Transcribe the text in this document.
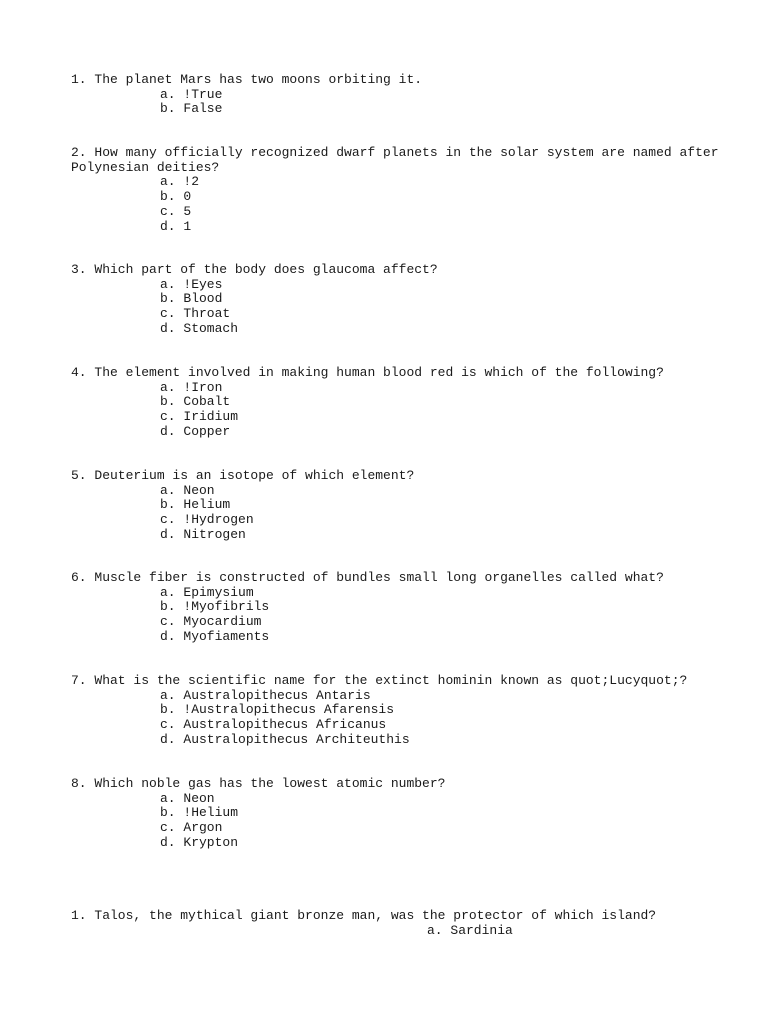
1. The planet Mars has two moons orbiting it.
a. !True
b. False
2. How many officially recognized dwarf planets in the solar system are named after
Polynesian deities?
a. !2
b. 0
c. 5
d. 1
3. Which part of the body does glaucoma affect?
a. !Eyes
b. Blood
c. Throat
d. Stomach
4. The element involved in making human blood red is which of the following?
a. !Iron
b. Cobalt
c. Iridium
d. Copper
5. Deuterium is an isotope of which element?
a. Neon
b. Helium
c. !Hydrogen
d. Nitrogen
6. Muscle fiber is constructed of bundles small long organelles called what?
a. Epimysium
b. !Myofibrils
c. Myocardium
d. Myofiaments
7. What is the scientific name for the extinct hominin known as quot;Lucyquot;?
a. Australopithecus Antaris
b. !Australopithecus Afarensis
c. Australopithecus Africanus
d. Australopithecus Architeuthis
8. Which noble gas has the lowest atomic number?
a. Neon
b. !Helium
c. Argon
d. Krypton
1. Talos, the mythical giant bronze man, was the protector of which island?
a. Sardinia
